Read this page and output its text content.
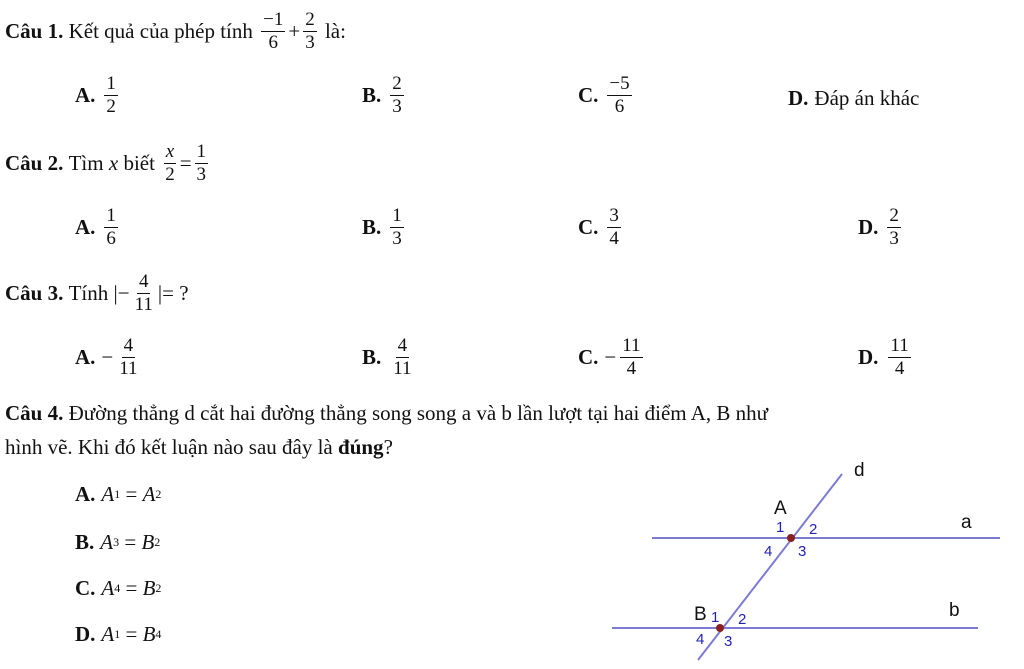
Câu 1.
Kết quả của phép tính
$\frac{-1}{6} + \frac{2}{3}$
là:
A. $\frac{1}{2}$	B. $\frac{2}{3}$	C. $\frac{-5}{6}$	D. Đáp án khác
Câu 2.
Tìm
x
biết
$\frac{x}{2} = \frac{1}{3}$
A. $\frac{1}{6}$	B. $\frac{1}{3}$	C. $\frac{3}{4}$	D. $\frac{2}{3}$
Câu 3.
Tính
|− $\frac{4}{11}$ |= ?
A. − $\frac{4}{11}$	B. $\frac{4}{11}$	C. − $\frac{11}{4}$	D. $\frac{11}{4}$
Câu 4. Đường thẳng d cắt hai đường thẳng song song a và b lần lượt tại hai điểm A, B như
hình vẽ. Khi đó kết luận nào sau đây là đúng?
A. A 1
=
A 2
B. A 3
=
B 2
C. A 4
=
B 2
D. A 1
=
B 4
d
a
b
A
B
1 2
3
4
1 2
3
4
